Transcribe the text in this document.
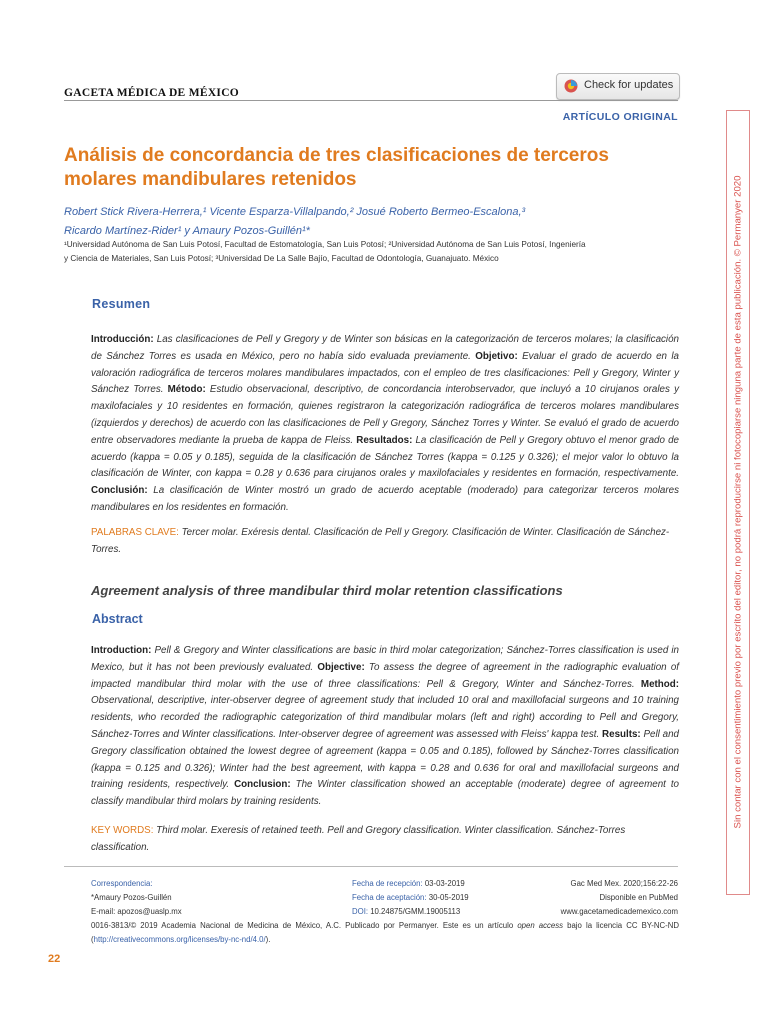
GACETA MÉDICA DE MÉXICO
Check for updates
ARTÍCULO ORIGINAL
Análisis de concordancia de tres clasificaciones de terceros
molares mandibulares retenidos
Robert Stick Rivera-Herrera,¹ Vicente Esparza-Villalpando,² Josué Roberto Bermeo-Escalona,³
Ricardo Martínez-Rider¹ y Amaury Pozos-Guillén¹*
¹Universidad Autónoma de San Luis Potosí, Facultad de Estomatología, San Luis Potosí; ²Universidad Autónoma de San Luis Potosí, Ingeniería
y Ciencia de Materiales, San Luis Potosí; ³Universidad De La Salle Bajío, Facultad de Odontología, Guanajuato. México
Resumen
Introducción: Las clasificaciones de Pell y Gregory y de Winter son básicas en la categorización de terceros molares; la clasificación de Sánchez Torres es usada en México, pero no había sido evaluada previamente. Objetivo: Evaluar el grado de acuerdo en la valoración radiográfica de terceros molares mandibulares impactados, con el empleo de tres clasificaciones: Pell y Gregory, Winter y Sánchez Torres. Método: Estudio observacional, descriptivo, de concordancia interobservador, que incluyó a 10 cirujanos orales y maxilofaciales y 10 residentes en formación, quienes registraron la categorización radiográfica de terceros molares mandibulares (izquierdos y derechos) de acuerdo con las clasificaciones de Pell y Gregory, Sánchez Torres y Winter. Se evaluó el grado de acuerdo entre observadores mediante la prueba de kappa de Fleiss. Resultados: La clasificación de Pell y Gregory obtuvo el menor grado de acuerdo (kappa = 0.05 y 0.185), seguida de la clasificación de Sánchez Torres (kappa = 0.125 y 0.326); el mejor valor lo obtuvo la clasificación de Winter, con kappa = 0.28 y 0.636 para cirujanos orales y maxilofaciales y residentes en formación, respectivamente. Conclusión: La clasificación de Winter mostró un grado de acuerdo aceptable (moderado) para categorizar terceros molares mandibulares en los residentes en formación.
PALABRAS CLAVE: Tercer molar. Exéresis dental. Clasificación de Pell y Gregory. Clasificación de Winter. Clasificación de Sánchez-Torres.
Agreement analysis of three mandibular third molar retention classifications
Abstract
Introduction: Pell & Gregory and Winter classifications are basic in third molar categorization; Sánchez-Torres classification is used in Mexico, but it has not been previously evaluated. Objective: To assess the degree of agreement in the radiographic evaluation of impacted mandibular third molar with the use of three classifications: Pell & Gregory, Winter and Sánchez-Torres. Method: Observational, descriptive, inter-observer degree of agreement study that included 10 oral and maxillofacial surgeons and 10 training residents, who recorded the radiographic categorization of third mandibular molars (left and right) according to Pell and Gregory, Sánchez-Torres and Winter classifications. Inter-observer degree of agreement was assessed with Fleiss' kappa test. Results: Pell and Gregory classification obtained the lowest degree of agreement (kappa = 0.05 and 0.185), followed by Sánchez-Torres classification (kappa = 0.125 and 0.326); Winter had the best agreement, with kappa = 0.28 and 0.636 for oral and maxillofacial surgeons and training residents, respectively. Conclusion: The Winter classification showed an acceptable (moderate) degree of agreement to classify mandibular third molars by training residents.
KEY WORDS: Third molar. Exeresis of retained teeth. Pell and Gregory classification. Winter classification. Sánchez-Torres classification.
Correspondencia:
*Amaury Pozos-Guillén
E-mail: apozos@uaslp.mx
Fecha de recepción: 03-03-2019
Fecha de aceptación: 30-05-2019
DOI: 10.24875/GMM.19005113
Gac Med Mex. 2020;156:22-26
Disponible en PubMed
www.gacetamedicademexico.com
0016-3813/© 2019 Academia Nacional de Medicina de México, A.C. Publicado por Permanyer. Este es un artículo open access bajo la licencia CC BY-NC-ND (http://creativecommons.org/licenses/by-nc-nd/4.0/).
22
Sin contar con el consentimiento previo por escrito del editor, no podrá reproducirse ni fotocopiarse ninguna parte de esta publicación. © Permanyer 2020
